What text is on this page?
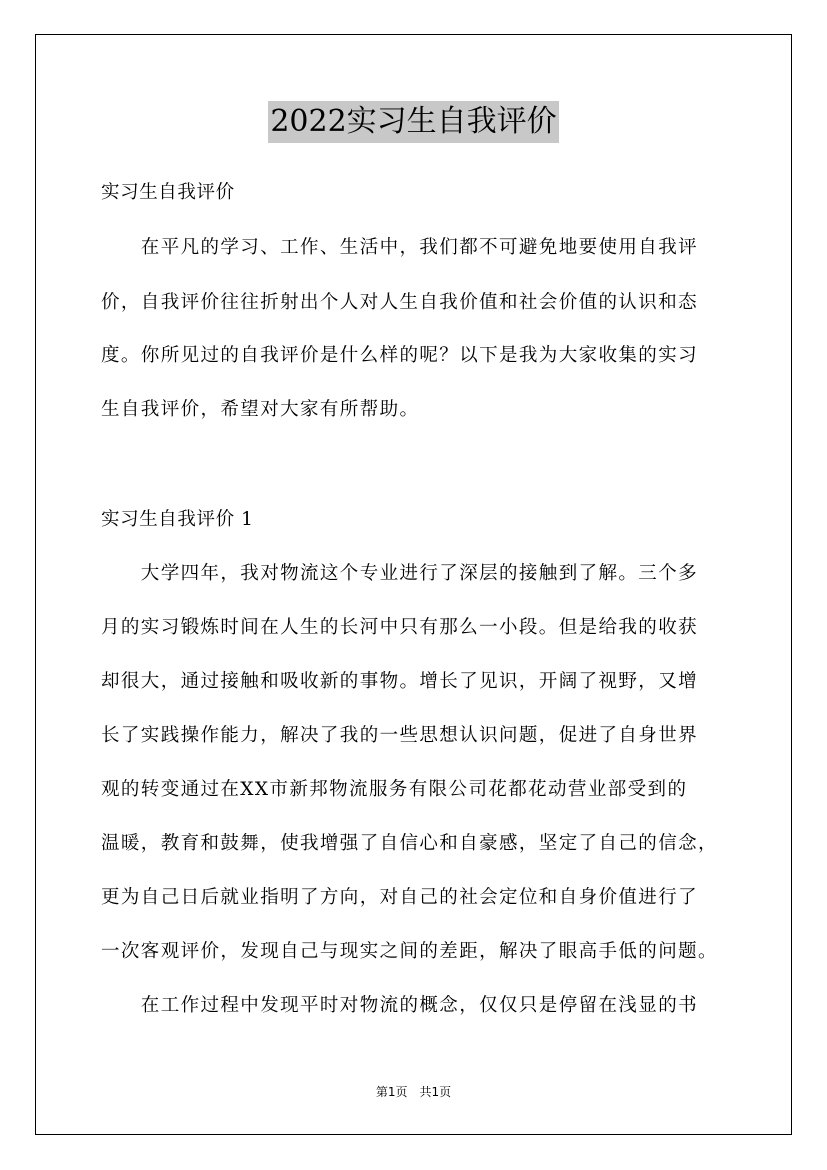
2022实习生自我评价
实习生自我评价
　　在平凡的学习、工作、生活中，我们都不可避免地要使用自我评
价，自我评价往往折射出个人对人生自我价值和社会价值的认识和态
度。你所见过的自我评价是什么样的呢？以下是我为大家收集的实习
生自我评价，希望对大家有所帮助。
实习生自我评价 1
　　大学四年，我对物流这个专业进行了深层的接触到了解。三个多
月的实习锻炼时间在人生的长河中只有那么一小段。但是给我的收获
却很大，通过接触和吸收新的事物。增长了见识，开阔了视野，又增
长了实践操作能力，解决了我的一些思想认识问题，促进了自身世界
观的转变通过在XX市新邦物流服务有限公司花都花动营业部受到的
温暖，教育和鼓舞，使我增强了自信心和自豪感，坚定了自己的信念，
更为自己日后就业指明了方向，对自己的社会定位和自身价值进行了
一次客观评价，发现自己与现实之间的差距，解决了眼高手低的问题。
　　在工作过程中发现平时对物流的概念，仅仅只是停留在浅显的书
第1页　共1页
